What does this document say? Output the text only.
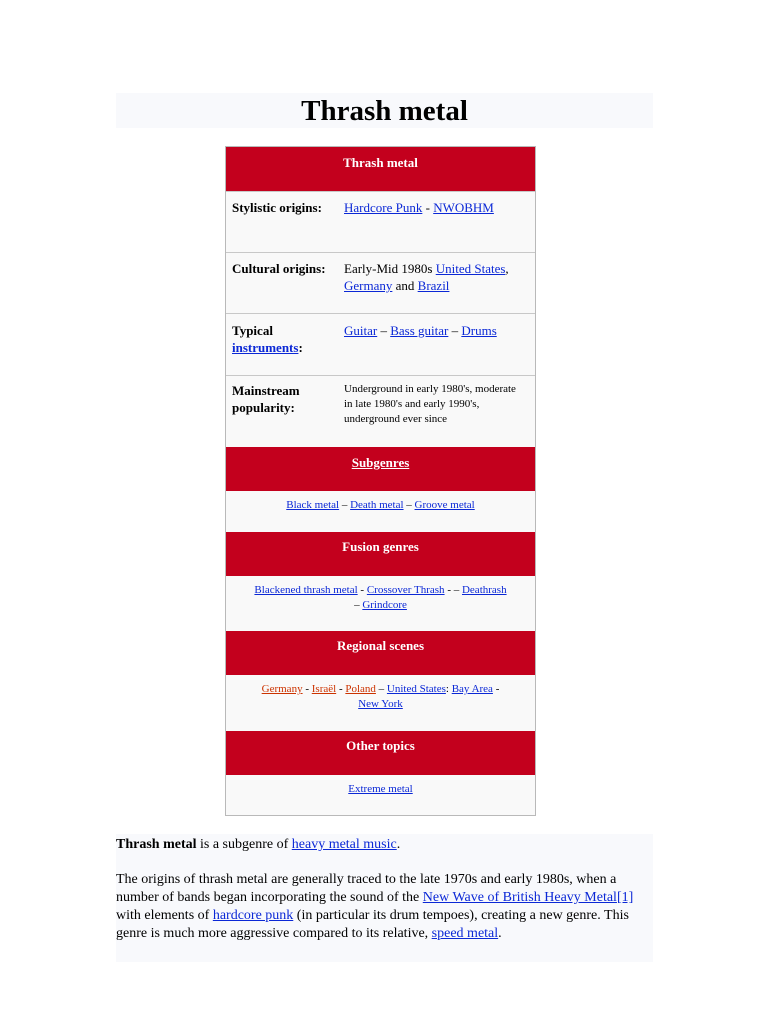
Thrash metal
Thrash metal
Stylistic origins:	Hardcore Punk - NWOBHM
Cultural origins:	Early-Mid 1980s United States, Germany and Brazil
Typical
instruments:
Guitar – Bass guitar – Drums
Mainstream popularity:
Underground in early 1980's, moderate in late 1980's and early 1990's, underground ever since
Subgenres
Black metal – Death metal – Groove metal
Fusion genres
Blackened thrash metal - Crossover Thrash - – Deathrash
– Grindcore
Regional scenes
Germany - Israël - Poland – United States: Bay Area -
New York
Other topics
Extreme metal

Thrash metal is a subgenre of heavy metal music.

The origins of thrash metal are generally traced to the late 1970s and early 1980s, when a number of bands began incorporating the sound of the New Wave of British Heavy Metal[1] with elements of hardcore punk (in particular its drum tempoes), creating a new genre. This genre is much more aggressive compared to its relative, speed metal.
